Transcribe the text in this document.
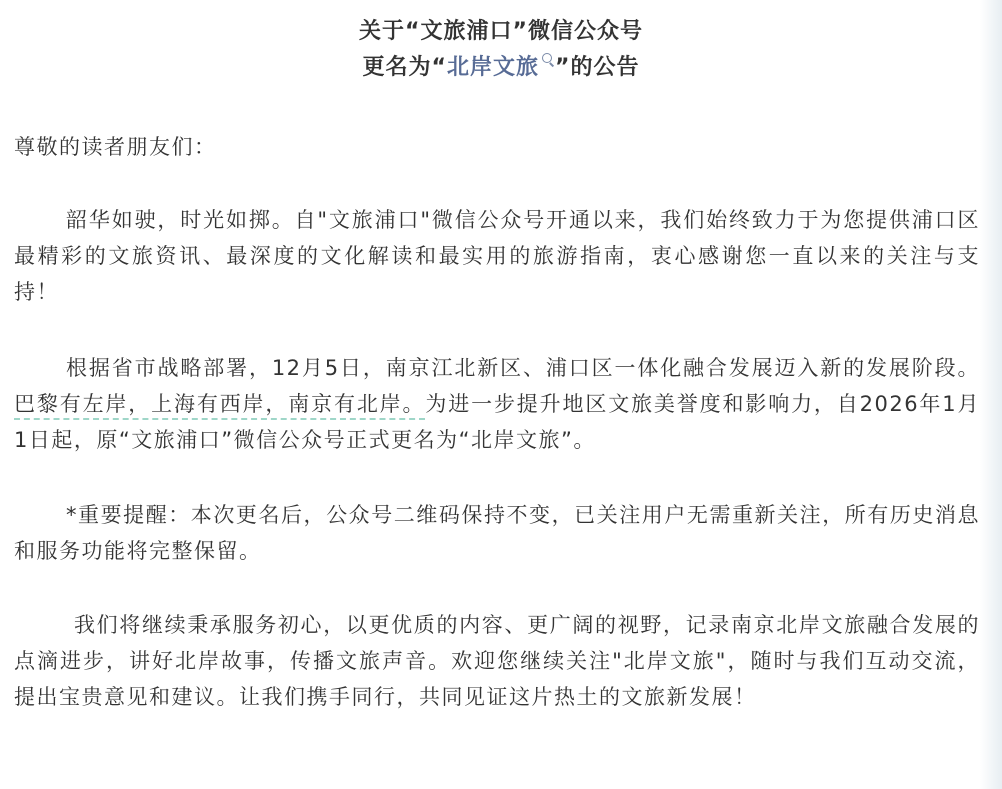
关于“文旅浦口”微信公众号
更名为“北岸文旅 ”的公告
尊敬的读者朋友们：
韶华如驶，时光如掷。自"文旅浦口"微信公众号开通以来，我们始终致力于为您提供浦口区最精彩的文旅资讯、最深度的文化解读和最实用的旅游指南，衷心感谢您一直以来的关注与支持！
根据省市战略部署，12月5日，南京江北新区、浦口区一体化融合发展迈入新的发展阶段。巴黎有左岸，上海有西岸，南京有北岸。为进一步提升地区文旅美誉度和影响力，自2026年1月1日起，原“文旅浦口”微信公众号正式更名为“北岸文旅”。
*重要提醒：本次更名后，公众号二维码保持不变，已关注用户无需重新关注，所有历史消息和服务功能将完整保留。
我们将继续秉承服务初心，以更优质的内容、更广阔的视野，记录南京北岸文旅融合发展的点滴进步，讲好北岸故事，传播文旅声音。欢迎您继续关注"北岸文旅"，随时与我们互动交流，提出宝贵意见和建议。让我们携手同行，共同见证这片热土的文旅新发展！
